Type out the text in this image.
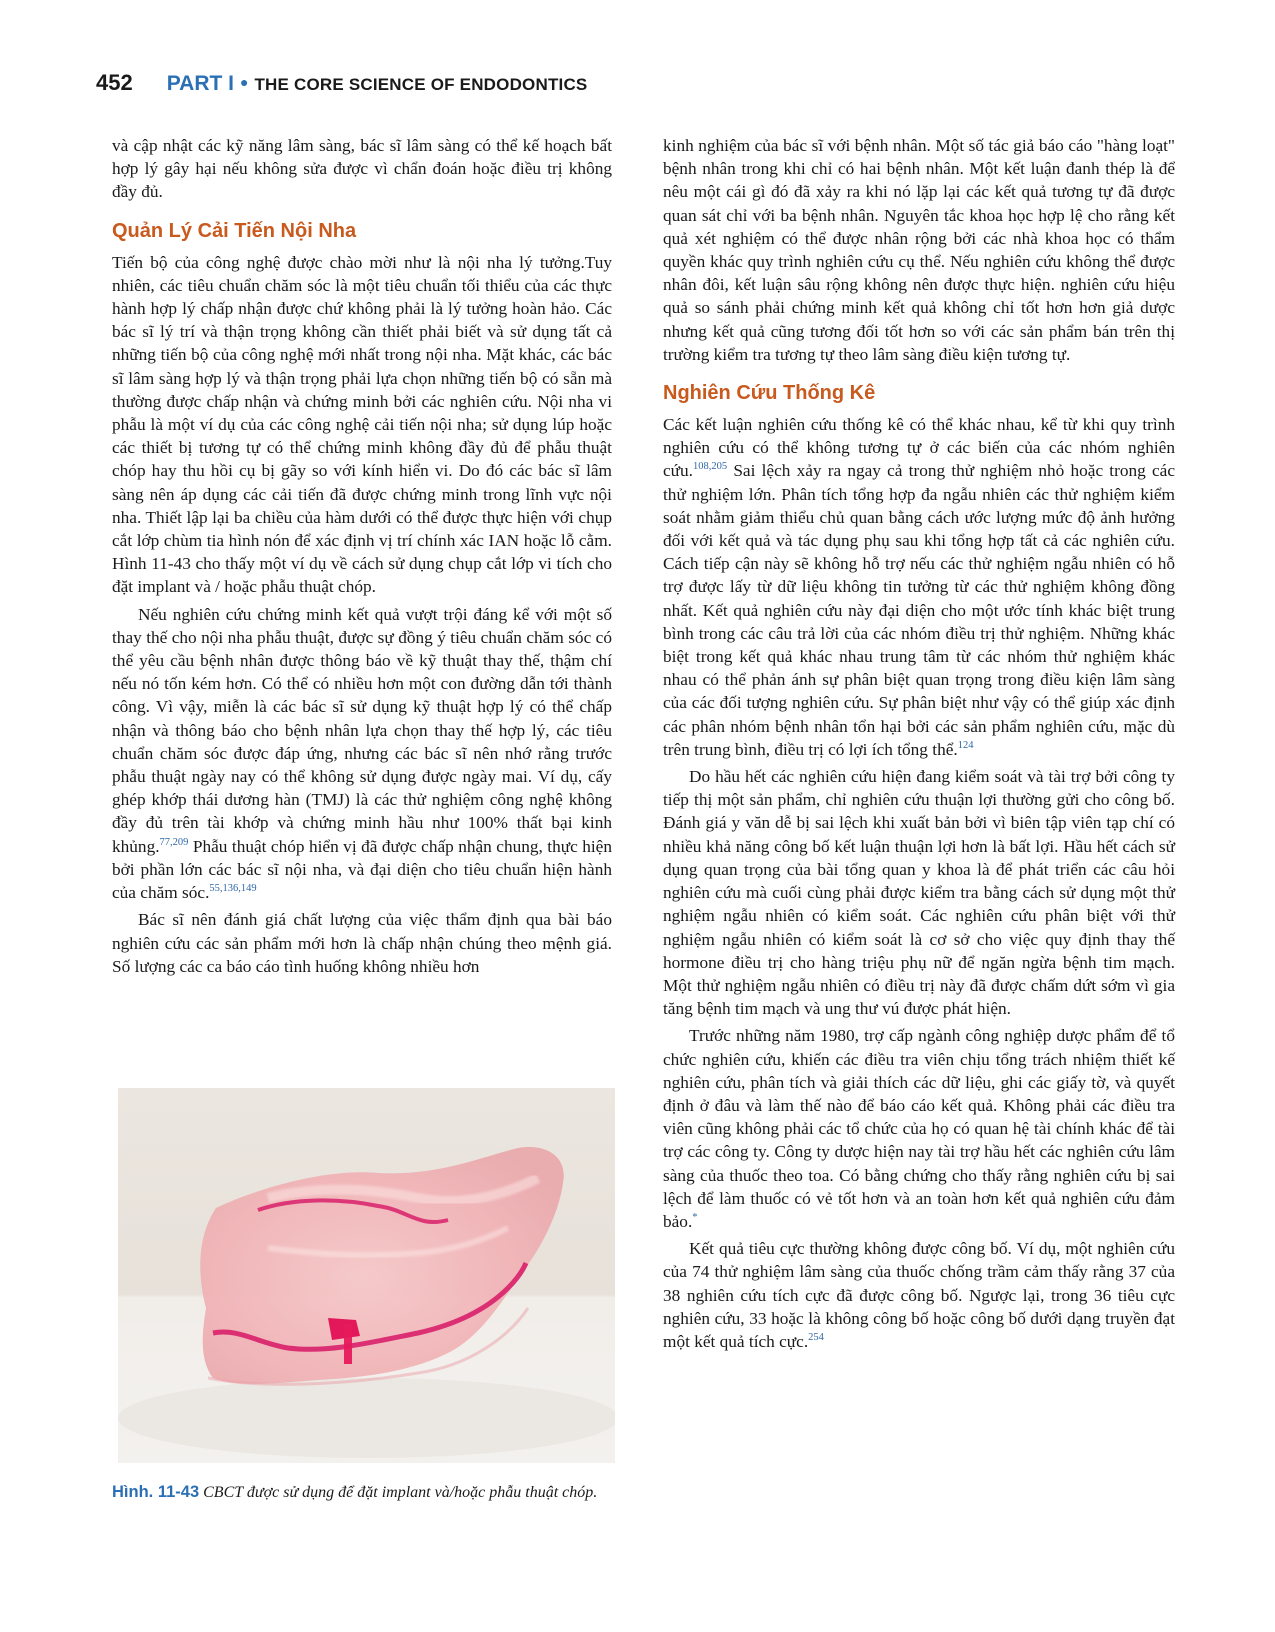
452 PART I ● THE CORE SCIENCE OF ENDODONTICS

và cập nhật các kỹ năng lâm sàng, bác sĩ lâm sàng có thể kế hoạch bất hợp lý gây hại nếu không sửa được vì chẩn đoán hoặc điều trị không đầy đủ.

Quản Lý Cải Tiến Nội Nha

Tiến bộ của công nghệ được chào mời như là nội nha lý tưởng.Tuy nhiên, các tiêu chuẩn chăm sóc là một tiêu chuẩn tối thiểu của các thực hành hợp lý chấp nhận được chứ không phải là lý tưởng hoàn hảo. Các bác sĩ lý trí và thận trọng không cần thiết phải biết và sử dụng tất cả những tiến bộ của công nghệ mới nhất trong nội nha. Mặt khác, các bác sĩ lâm sàng hợp lý và thận trọng phải lựa chọn những tiến bộ có sẵn mà thường được chấp nhận và chứng minh bởi các nghiên cứu. Nội nha vi phẫu là một ví dụ của các công nghệ cải tiến nội nha; sử dụng lúp hoặc các thiết bị tương tự có thể chứng minh không đầy đủ để phẫu thuật chóp hay thu hồi cụ bị gãy so với kính hiển vi. Do đó các bác sĩ lâm sàng nên áp dụng các cải tiến đã được chứng minh trong lĩnh vực nội nha. Thiết lập lại ba chiều của hàm dưới có thể được thực hiện với chụp cắt lớp chùm tia hình nón để xác định vị trí chính xác IAN hoặc lỗ cằm. Hình 11-43 cho thấy một ví dụ về cách sử dụng chụp cắt lớp vi tích cho đặt implant và / hoặc phẫu thuật chóp.

Nếu nghiên cứu chứng minh kết quả vượt trội đáng kể với một số thay thế cho nội nha phẫu thuật, được sự đồng ý tiêu chuẩn chăm sóc có thể yêu cầu bệnh nhân được thông báo về kỹ thuật thay thế, thậm chí nếu nó tốn kém hơn. Có thể có nhiều hơn một con đường dẫn tới thành công. Vì vậy, miễn là các bác sĩ sử dụng kỹ thuật hợp lý có thể chấp nhận và thông báo cho bệnh nhân lựa chọn thay thế hợp lý, các tiêu chuẩn chăm sóc được đáp ứng, nhưng các bác sĩ nên nhớ rằng trước phẫu thuật ngày nay có thể không sử dụng được ngày mai. Ví dụ, cấy ghép khớp thái dương hàn (TMJ) là các thử nghiệm công nghệ không đầy đủ trên tài khớp và chứng minh hầu như 100% thất bại kinh khủng.$^{77,209}$ Phẫu thuật chóp hiển vị đã được chấp nhận chung, thực hiện bởi phần lớn các bác sĩ nội nha, và đại diện cho tiêu chuẩn hiện hành của chăm sóc.$^{55,136,149}$

Bác sĩ nên đánh giá chất lượng của việc thẩm định qua bài báo nghiên cứu các sản phẩm mới hơn là chấp nhận chúng theo mệnh giá. Số lượng các ca báo cáo tình huống không nhiều hơn

Hình. 11-43 CBCT được sử dụng để đặt implant và/hoặc phẫu thuật chóp.

kinh nghiệm của bác sĩ với bệnh nhân. Một số tác giả báo cáo "hàng loạt" bệnh nhân trong khi chỉ có hai bệnh nhân. Một kết luận đanh thép là để nêu một cái gì đó đã xảy ra khi nó lặp lại các kết quả tương tự đã được quan sát chỉ với ba bệnh nhân. Nguyên tắc khoa học hợp lệ cho rằng kết quả xét nghiệm có thể được nhân rộng bởi các nhà khoa học có thẩm quyền khác quy trình nghiên cứu cụ thể. Nếu nghiên cứu không thể được nhân đôi, kết luận sâu rộng không nên được thực hiện. nghiên cứu hiệu quả so sánh phải chứng minh kết quả không chỉ tốt hơn hơn giả dược nhưng kết quả cũng tương đối tốt hơn so với các sản phẩm bán trên thị trường kiểm tra tương tự theo lâm sàng điều kiện tương tự.

Nghiên Cứu Thống Kê

Các kết luận nghiên cứu thống kê có thể khác nhau, kể từ khi quy trình nghiên cứu có thể không tương tự ở các biến của các nhóm nghiên cứu.$^{108,205}$ Sai lệch xảy ra ngay cả trong thử nghiệm nhỏ hoặc trong các thử nghiệm lớn. Phân tích tổng hợp đa ngẫu nhiên các thử nghiệm kiểm soát nhằm giảm thiểu chủ quan bằng cách ước lượng mức độ ảnh hưởng đối với kết quả và tác dụng phụ sau khi tổng hợp tất cả các nghiên cứu. Cách tiếp cận này sẽ không hỗ trợ nếu các thử nghiệm ngẫu nhiên có hỗ trợ được lấy từ dữ liệu không tin tưởng từ các thử nghiệm không đồng nhất. Kết quả nghiên cứu này đại diện cho một ước tính khác biệt trung bình trong các câu trả lời của các nhóm điều trị thử nghiệm. Những khác biệt trong kết quả khác nhau trung tâm từ các nhóm thử nghiệm khác nhau có thể phản ánh sự phân biệt quan trọng trong điều kiện lâm sàng của các đối tượng nghiên cứu. Sự phân biệt như vậy có thể giúp xác định các phân nhóm bệnh nhân tổn hại bởi các sản phẩm nghiên cứu, mặc dù trên trung bình, điều trị có lợi ích tổng thể.$^{124}$

Do hầu hết các nghiên cứu hiện đang kiểm soát và tài trợ bởi công ty tiếp thị một sản phẩm, chỉ nghiên cứu thuận lợi thường gửi cho công bố. Đánh giá y văn dễ bị sai lệch khi xuất bản bởi vì biên tập viên tạp chí có nhiều khả năng công bố kết luận thuận lợi hơn là bất lợi. Hầu hết cách sử dụng quan trọng của bài tổng quan y khoa là để phát triển các câu hỏi nghiên cứu mà cuối cùng phải được kiểm tra bằng cách sử dụng một thử nghiệm ngẫu nhiên có kiểm soát. Các nghiên cứu phân biệt với thử nghiệm ngẫu nhiên có kiểm soát là cơ sở cho việc quy định thay thế hormone điều trị cho hàng triệu phụ nữ để ngăn ngừa bệnh tim mạch. Một thử nghiệm ngẫu nhiên có điều trị này đã được chấm dứt sớm vì gia tăng bệnh tim mạch và ung thư vú được phát hiện.

Trước những năm 1980, trợ cấp ngành công nghiệp dược phẩm để tổ chức nghiên cứu, khiến các điều tra viên chịu tổng trách nhiệm thiết kế nghiên cứu, phân tích và giải thích các dữ liệu, ghi các giấy tờ, và quyết định ở đâu và làm thế nào để báo cáo kết quả. Không phải các điều tra viên cũng không phải các tổ chức của họ có quan hệ tài chính khác để tài trợ các công ty. Công ty dược hiện nay tài trợ hầu hết các nghiên cứu lâm sàng của thuốc theo toa. Có bằng chứng cho thấy rằng nghiên cứu bị sai lệch để làm thuốc có vẻ tốt hơn và an toàn hơn kết quả nghiên cứu đảm bảo.*

Kết quả tiêu cực thường không được công bố. Ví dụ, một nghiên cứu của 74 thử nghiệm lâm sàng của thuốc chống trầm cảm thấy rằng 37 của 38 nghiên cứu tích cực đã được công bố. Ngược lại, trong 36 tiêu cực nghiên cứu, 33 hoặc là không công bố hoặc công bố dưới dạng truyền đạt một kết quả tích cực.$^{254}$
